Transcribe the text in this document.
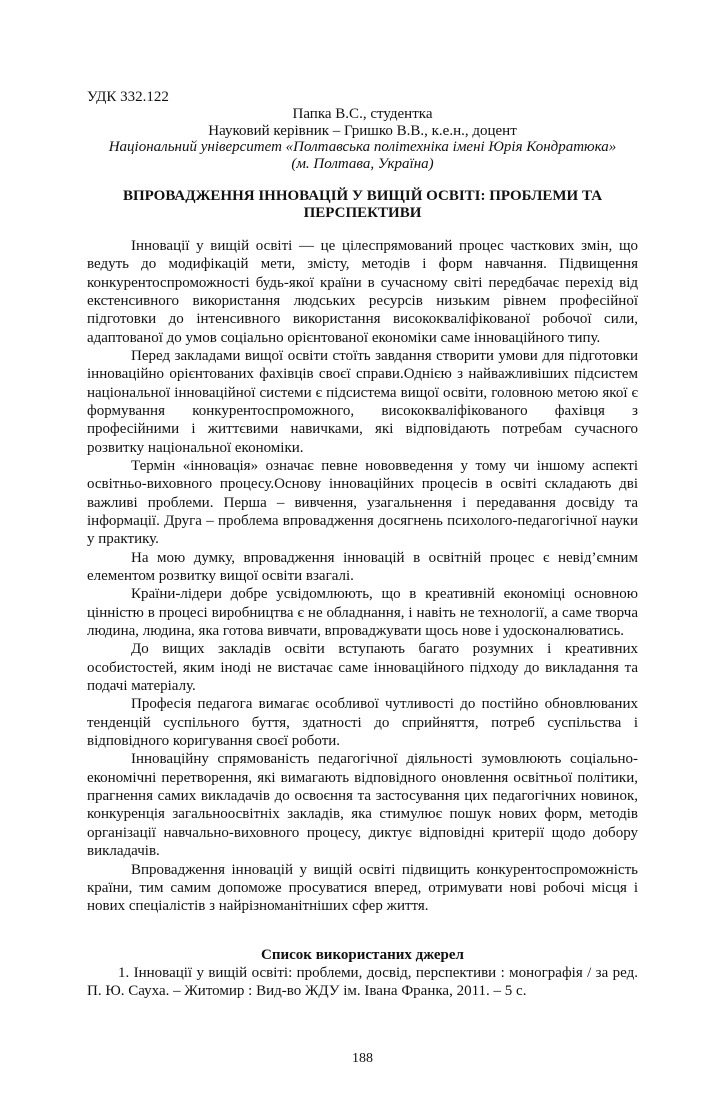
УДК 332.122
Папка В.С., студентка
Науковий керівник – Гришко В.В., к.е.н., доцент
Національний університет «Полтавська політехніка імені Юрія Кондратюка»
(м. Полтава, Україна)
ВПРОВАДЖЕННЯ ІННОВАЦІЙ У ВИЩІЙ ОСВІТІ: ПРОБЛЕМИ ТА ПЕРСПЕКТИВИ

Інновації у вищій освіті — це цілеспрямований процес часткових змін, що ведуть до модифікацій мети, змісту, методів і форм навчання. Підвищення конкурентоспроможності будь-якої країни в сучасному світі передбачає перехід від екстенсивного використання людських ресурсів низьким рівнем професійної підготовки до інтенсивного використання висококваліфікованої робочої сили, адаптованої до умов соціально орієнтованої економіки саме інноваційного типу.

Перед закладами вищої освіти стоїть завдання створити умови для підготовки інноваційно орієнтованих фахівців своєї справи.Однією з найважливіших підсистем національної інноваційної системи є підсистема вищої освіти, головною метою якої є формування конкурентоспроможного, висококваліфікованого фахівця з професійними і життєвими навичками, які відповідають потребам сучасного розвитку національної економіки.

Термін «інновація» означає певне нововведення у тому чи іншому аспекті освітньо-виховного процесу.Основу інноваційних процесів в освіті складають дві важливі проблеми. Перша – вивчення, узагальнення і передавання досвіду та інформації. Друга – проблема впровадження досягнень психолого-педагогічної науки у практику.

На мою думку, впровадження інновацій в освітній процес є невід’ємним елементом розвитку вищої освіти взагалі.

Країни-лідери добре усвідомлюють, що в креативній економіці основною цінністю в процесі виробництва є не обладнання, і навіть не технології, а саме творча людина, людина, яка готова вивчати, впроваджувати щось нове і удосконалюватись.

До вищих закладів освіти вступають багато розумних і креативних особистостей, яким іноді не вистачає саме інноваційного підходу до викладання та подачі матеріалу.

Професія педагога вимагає особливої чутливості до постійно обновлюваних тенденцій суспільного буття, здатності до сприйняття, потреб суспільства і відповідного коригування своєї роботи.

Інноваційну спрямованість педагогічної діяльності зумовлюють соціально-економічні перетворення, які вимагають відповідного оновлення освітньої політики, прагнення самих викладачів до освоєння та застосування цих педагогічних новинок, конкуренція загальноосвітніх закладів, яка стимулює пошук нових форм, методів організації навчально-виховного процесу, диктує відповідні критерії щодо добору викладачів.

Впровадження інновацій у вищій освіті підвищить конкурентоспроможність країни, тим самим допоможе просуватися вперед, отримувати нові робочі місця і нових спеціалістів з найрізноманітніших сфер життя.

Список використаних джерел

1. Інновації у вищій освіті: проблеми, досвід, перспективи : монографія / за ред. П. Ю. Сауха. – Житомир : Вид-во ЖДУ ім. Івана Франка, 2011. – 5 с.

188
